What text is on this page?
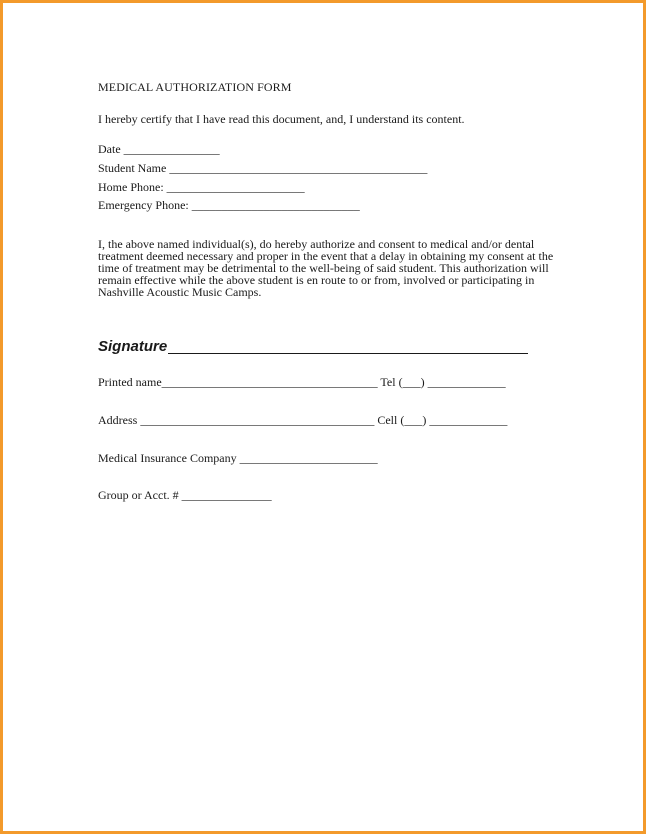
MEDICAL AUTHORIZATION FORM
I hereby certify that I have read this document, and, I understand its content.
Date ________________
Student Name ___________________________________________
Home Phone: _______________________
Emergency Phone: ____________________________
I, the above named individual(s), do hereby authorize and consent to medical and/or dental treatment deemed necessary and proper in the event that a delay in obtaining my consent at the time of treatment may be detrimental to the well-being of said student. This authorization will remain effective while the above student is en route to or from, involved or participating in Nashville Acoustic Music Camps.
Signature
Printed name____________________________________ Tel (___) _____________
Address _______________________________________ Cell (___) _____________
Medical Insurance Company _______________________
Group or Acct. # _______________
